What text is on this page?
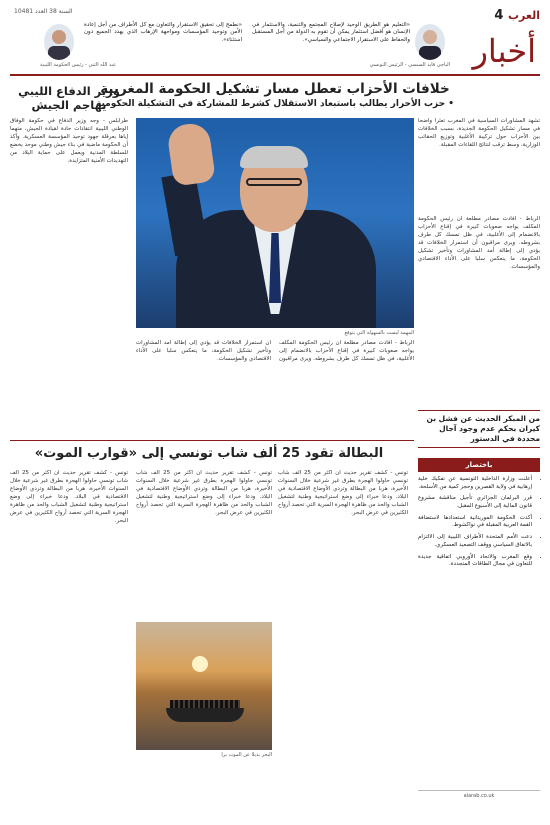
4 العرب
أخبار
السنة 38 العدد 10481
«التعليم هو الطريق الوحيد لإصلاح المجتمع والتنمية، والاستثمار في الإنسان هو أفضل استثمار يمكن أن تقوم به الدولة من أجل المستقبل والحفاظ على الاستقرار الاجتماعي والسياسي».
الباجي قايد السبسي - الرئيس التونسي
«نطمح إلى تحقيق الاستقرار والتعاون مع كل الأطراف من أجل إعادة الأمن وتوحيد المؤسسات ومواجهة الإرهاب الذي يهدد الجميع دون استثناء».
عبد الله الثني - رئيس الحكومة الليبية
خلافات الأحزاب تعطل مسار تشكيل الحكومة المغربية
• حزب الأحرار يطالب باستبعاد الاستقلال كشرط للمشاركة في التشكيلة الحكومية
وزير الدفاع الليبي يهاجم الجيش
تشهد المشاورات السياسية في المغرب تعثرا واضحا في مسار تشكيل الحكومة الجديدة، بسبب الخلافات بين الأحزاب حول تركيبة الأغلبية وتوزيع الحقائب الوزارية، وسط ترقب لنتائج اللقاءات المقبلة.
الرباط - أفادت مصادر مطلعة أن رئيس الحكومة المكلف يواجه صعوبات كبيرة في إقناع الأحزاب بالانضمام إلى الأغلبية، في ظل تمسك كل طرف بشروطه. ويرى مراقبون أن استمرار الخلافات قد يؤدي إلى إطالة أمد المشاورات وتأخير تشكيل الحكومة، ما ينعكس سلبا على الأداء الاقتصادي والمؤسسات.
المهمة ليست بالسهولة التي يتوقع
الرباط - أفادت مصادر مطلعة أن رئيس الحكومة المكلف يواجه صعوبات كبيرة في إقناع الأحزاب بالانضمام إلى الأغلبية، في ظل تمسك كل طرف بشروطه. ويرى مراقبون أن استمرار الخلافات قد يؤدي إلى إطالة أمد المشاورات وتأخير تشكيل الحكومة، ما ينعكس سلبا على الأداء الاقتصادي والمؤسسات.
من المبكر الحديث عن فشل بن كيران بحكم عدم وجود آجال محددة في الدستور
طرابلس - وجه وزير الدفاع في حكومة الوفاق الوطني الليبية انتقادات حادة لقيادة الجيش، متهما إياها بعرقلة جهود توحيد المؤسسة العسكرية. وأكد أن الحكومة ماضية في بناء جيش وطني موحد يخضع للسلطة المدنية ويعمل على حماية البلاد من التهديدات الأمنية المتزايدة.
البطالة تقود 25 ألف شاب تونسي إلى «قوارب الموت»
تونس - كشف تقرير حديث أن أكثر من 25 ألف شاب تونسي حاولوا الهجرة بطرق غير شرعية خلال السنوات الأخيرة، هربا من البطالة وتردي الأوضاع الاقتصادية في البلاد. ودعا خبراء إلى وضع استراتيجية وطنية لتشغيل الشباب والحد من ظاهرة الهجرة السرية التي تحصد أرواح الكثيرين في عرض البحر.
تونس - كشف تقرير حديث أن أكثر من 25 ألف شاب تونسي حاولوا الهجرة بطرق غير شرعية خلال السنوات الأخيرة، هربا من البطالة وتردي الأوضاع الاقتصادية في البلاد. ودعا خبراء إلى وضع استراتيجية وطنية لتشغيل الشباب والحد من ظاهرة الهجرة السرية التي تحصد أرواح الكثيرين في عرض البحر.
تونس - كشف تقرير حديث أن أكثر من 25 ألف شاب تونسي حاولوا الهجرة بطرق غير شرعية خلال السنوات الأخيرة، هربا من البطالة وتردي الأوضاع الاقتصادية في البلاد. ودعا خبراء إلى وضع استراتيجية وطنية لتشغيل الشباب والحد من ظاهرة الهجرة السرية التي تحصد أرواح الكثيرين في عرض البحر.
البحر بديلا عن الموت برا
باختصار
• أعلنت وزارة الداخلية التونسية عن تفكيك خلية إرهابية في ولاية القصرين وحجز كمية من الأسلحة.
• قرر البرلمان الجزائري تأجيل مناقشة مشروع قانون المالية إلى الأسبوع المقبل.
• أكدت الحكومة الموريتانية استعدادها لاستضافة القمة العربية المقبلة في نواكشوط.
• دعت الأمم المتحدة الأطراف الليبية إلى الالتزام بالاتفاق السياسي ووقف التصعيد العسكري.
• وقع المغرب والاتحاد الأوروبي اتفاقية جديدة للتعاون في مجال الطاقات المتجددة.
alarab.co.uk
